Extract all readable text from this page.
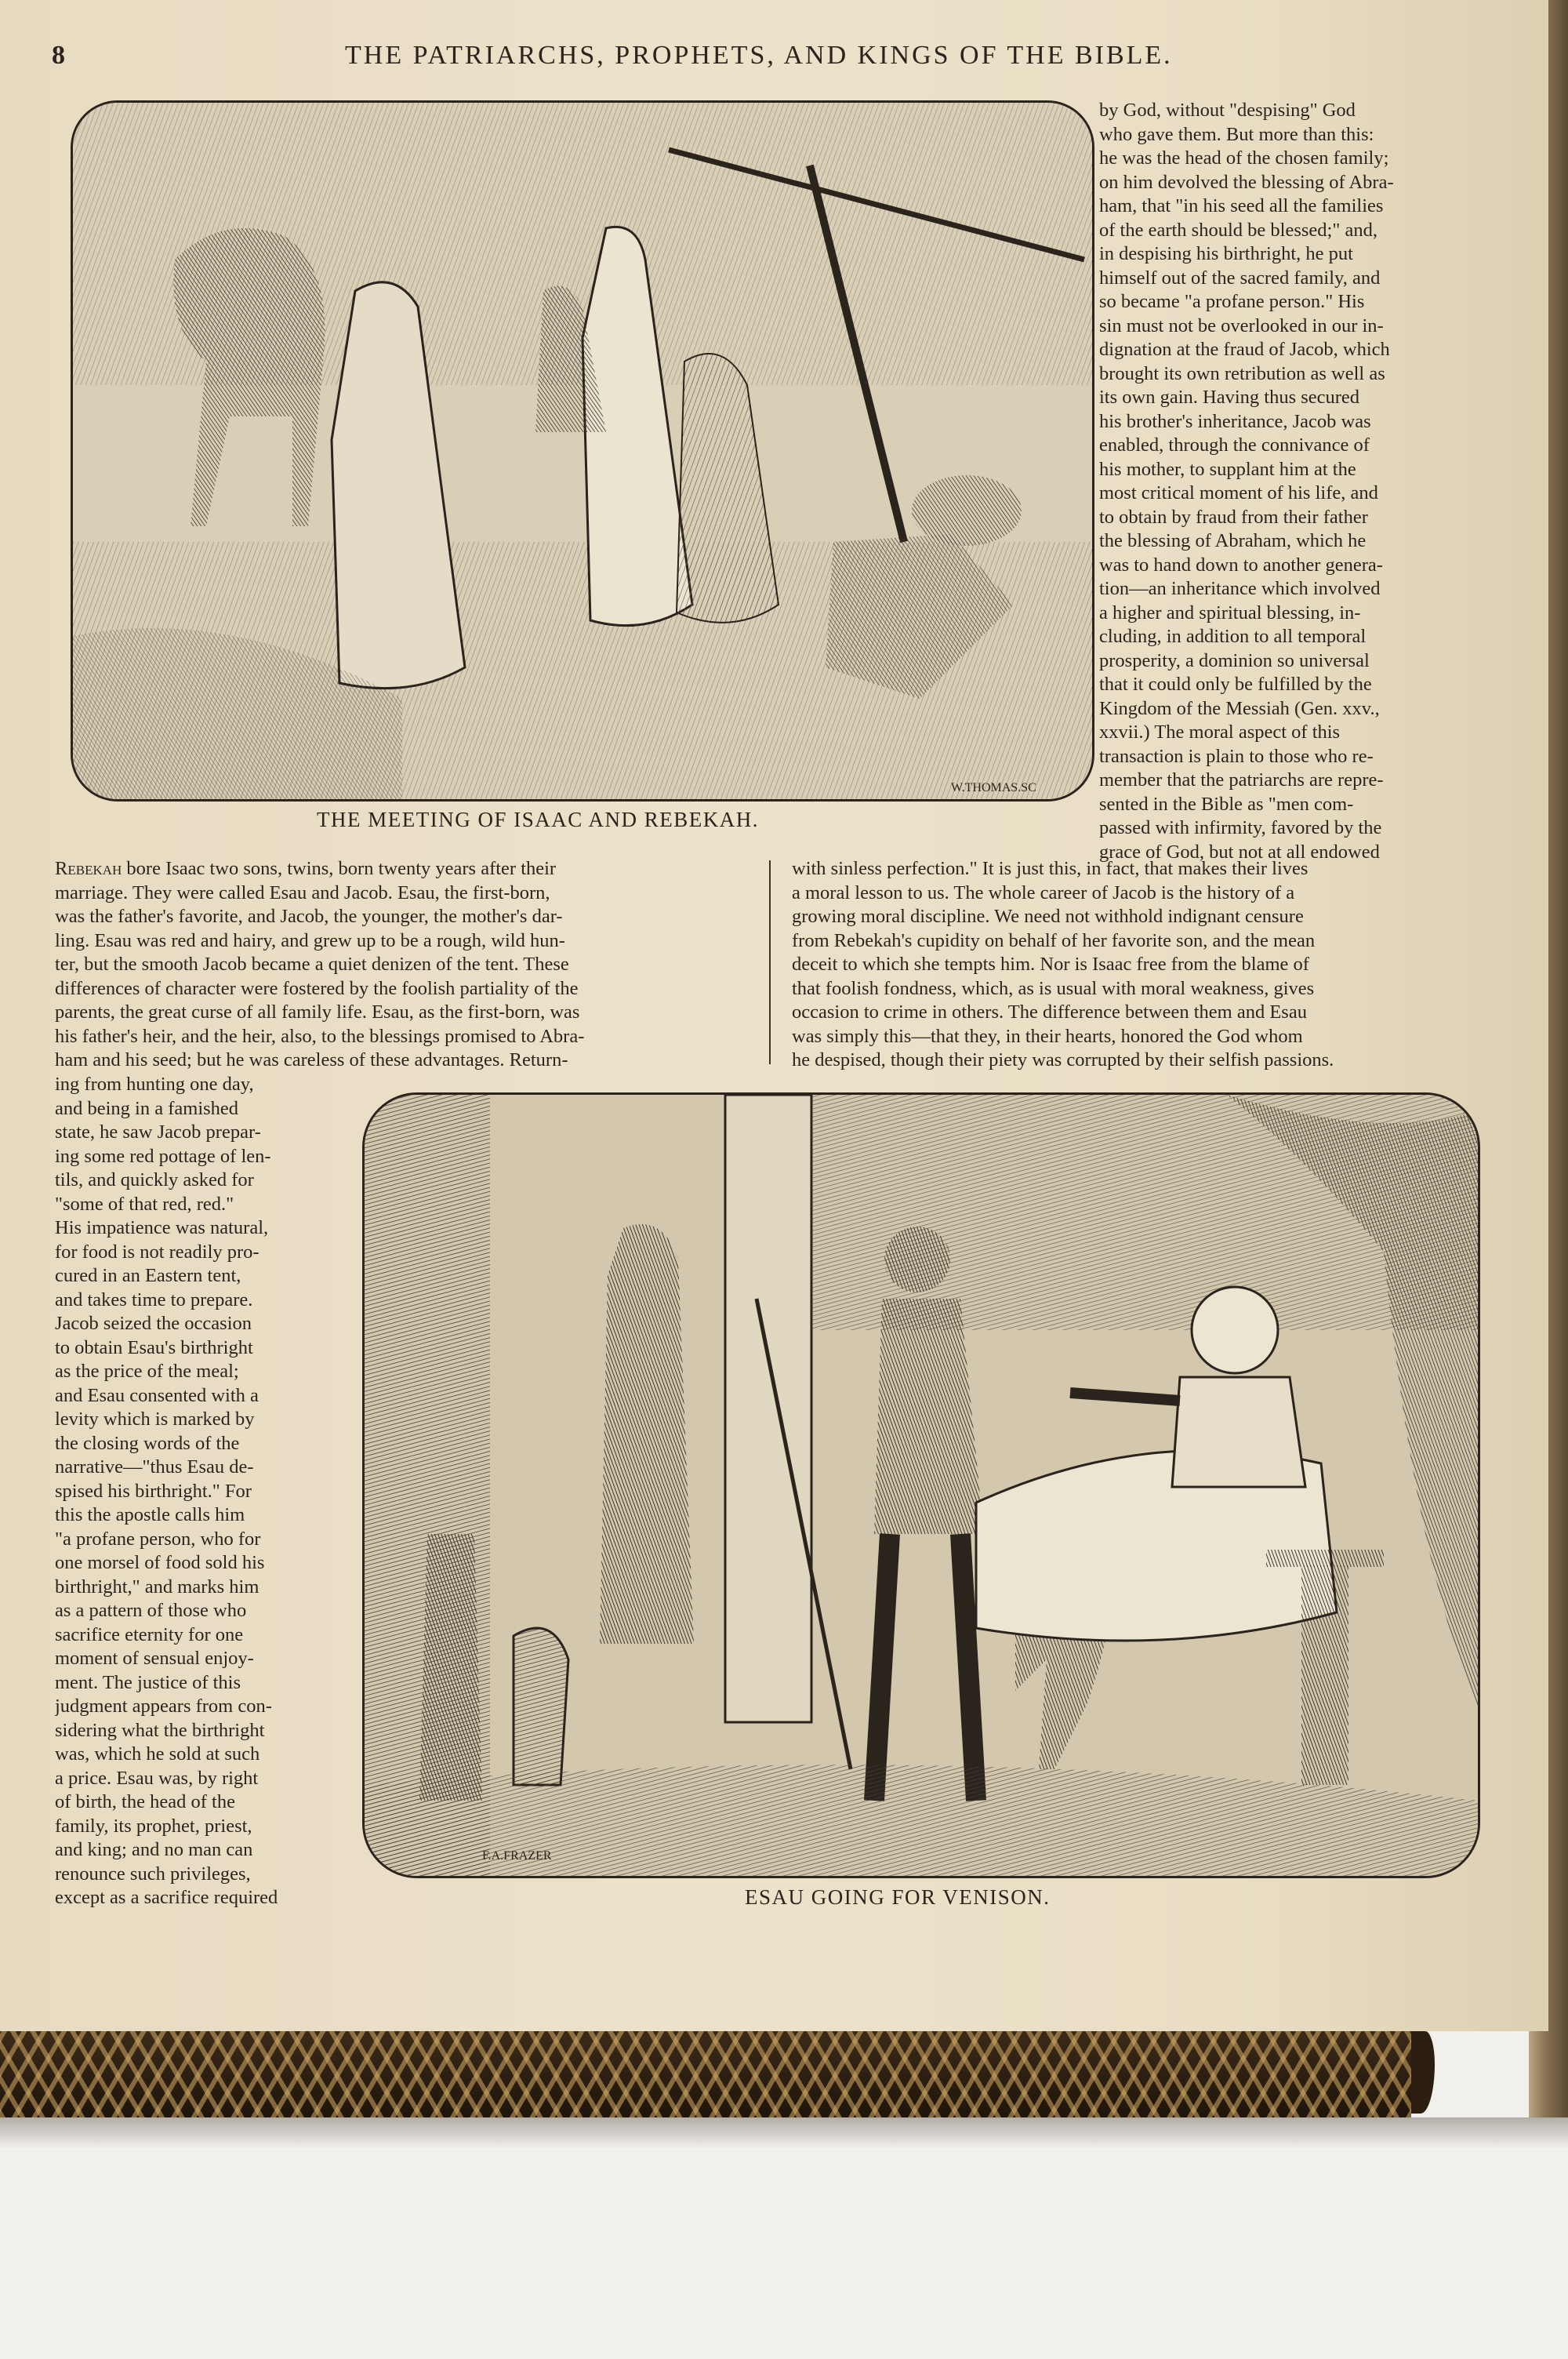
8	THE PATRIARCHS, PROPHETS, AND KINGS OF THE BIBLE.
W.THOMAS.SC

THE MEETING OF ISAAC AND REBEKAH.

by God, without "despising" God
who gave them. But more than this:
he was the head of the chosen family;
on him devolved the blessing of Abra-
ham, that "in his seed all the families
of the earth should be blessed;" and,
in despising his birthright, he put
himself out of the sacred family, and
so became "a profane person." His
sin must not be overlooked in our in-
dignation at the fraud of Jacob, which
brought its own retribution as well as
its own gain. Having thus secured
his brother's inheritance, Jacob was
enabled, through the connivance of
his mother, to supplant him at the
most critical moment of his life, and
to obtain by fraud from their father
the blessing of Abraham, which he
was to hand down to another genera-
tion—an inheritance which involved
a higher and spiritual blessing, in-
cluding, in addition to all temporal
prosperity, a dominion so universal
that it could only be fulfilled by the
Kingdom of the Messiah (Gen. xxv.,
xxvii.) The moral aspect of this
transaction is plain to those who re-
member that the patriarchs are repre-
sented in the Bible as "men com-
passed with infirmity, favored by the
grace of God, but not at all endowed
Rebekah bore Isaac two sons, twins, born twenty years after their
marriage. They were called Esau and Jacob. Esau, the first-born,
was the father's favorite, and Jacob, the younger, the mother's dar-
ling. Esau was red and hairy, and grew up to be a rough, wild hun-
ter, but the smooth Jacob became a quiet denizen of the tent. These
differences of character were fostered by the foolish partiality of the
parents, the great curse of all family life. Esau, as the first-born, was
his father's heir, and the heir, also, to the blessings promised to Abra-
ham and his seed; but he was careless of these advantages. Return-
with sinless perfection." It is just this, in fact, that makes their lives
a moral lesson to us. The whole career of Jacob is the history of a
growing moral discipline. We need not withhold indignant censure
from Rebekah's cupidity on behalf of her favorite son, and the mean
deceit to which she tempts him. Nor is Isaac free from the blame of
that foolish fondness, which, as is usual with moral weakness, gives
occasion to crime in others. The difference between them and Esau
was simply this—that they, in their hearts, honored the God whom
he despised, though their piety was corrupted by their selfish passions.
ing from hunting one day,
and being in a famished
state, he saw Jacob prepar-
ing some red pottage of len-
tils, and quickly asked for
"some of that red, red."
His impatience was natural,
for food is not readily pro-
cured in an Eastern tent,
and takes time to prepare.
Jacob seized the occasion
to obtain Esau's birthright
as the price of the meal;
and Esau consented with a
levity which is marked by
the closing words of the
narrative—"thus Esau de-
spised his birthright." For
this the apostle calls him
"a profane person, who for
one morsel of food sold his
birthright," and marks him
as a pattern of those who
sacrifice eternity for one
moment of sensual enjoy-
ment. The justice of this
judgment appears from con-
sidering what the birthright
was, which he sold at such
a price. Esau was, by right
of birth, the head of the
family, its prophet, priest,
and king; and no man can
renounce such privileges,
except as a sacrifice required
F.A.FRAZER

ESAU GOING FOR VENISON.
